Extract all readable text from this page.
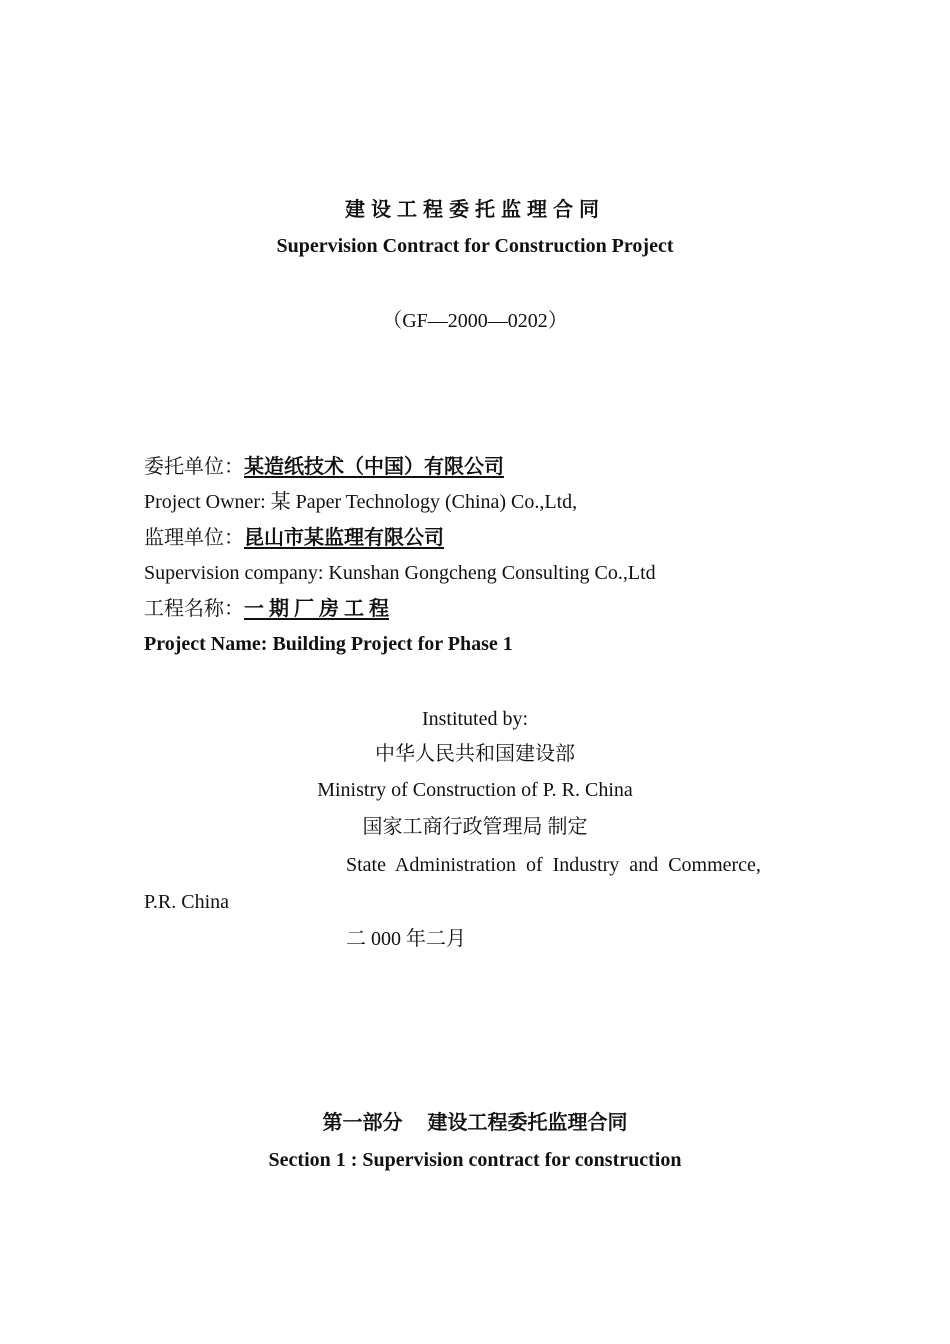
建设工程委托监理合同
Supervision Contract for Construction Project
（GF—2000—0202）
委托单位：某造纸技术（中国）有限公司
Project Owner: 某 Paper Technology (China) Co.,Ltd,
监理单位：昆山市某监理有限公司
Supervision company: Kunshan Gongcheng Consulting Co.,Ltd
工程名称：一 期 厂 房 工 程
Project Name: Building Project for Phase 1
Instituted by:
中华人民共和国建设部
Ministry of Construction of P. R. China
国家工商行政管理局 制定
State  Administration  of  Industry  and  Commerce,
P.R. China
二 000 年二月
第一部分　 建设工程委托监理合同
Section 1 : Supervision contract for construction
